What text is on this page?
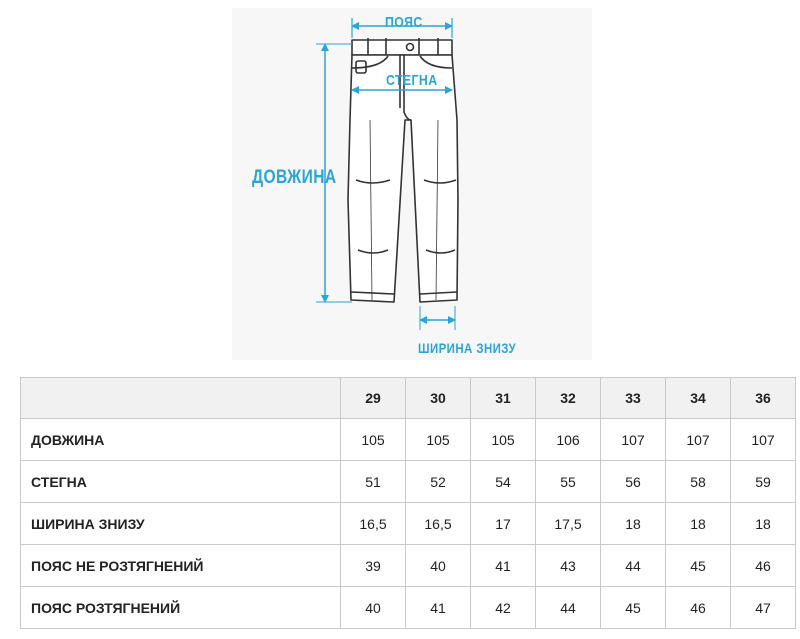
ПОЯС
СТЕГНА
ДОВЖИНА
ШИРИНА ЗНИЗУ
	29	30	31	32	33	34	36
ДОВЖИНА	105	105	105	106	107	107	107
СТЕГНА	51	52	54	55	56	58	59
ШИРИНА ЗНИЗУ	16,5	16,5	17	17,5	18	18	18
ПОЯС НЕ РОЗТЯГНЕНИЙ	39	40	41	43	44	45	46
ПОЯС РОЗТЯГНЕНИЙ	40	41	42	44	45	46	47
